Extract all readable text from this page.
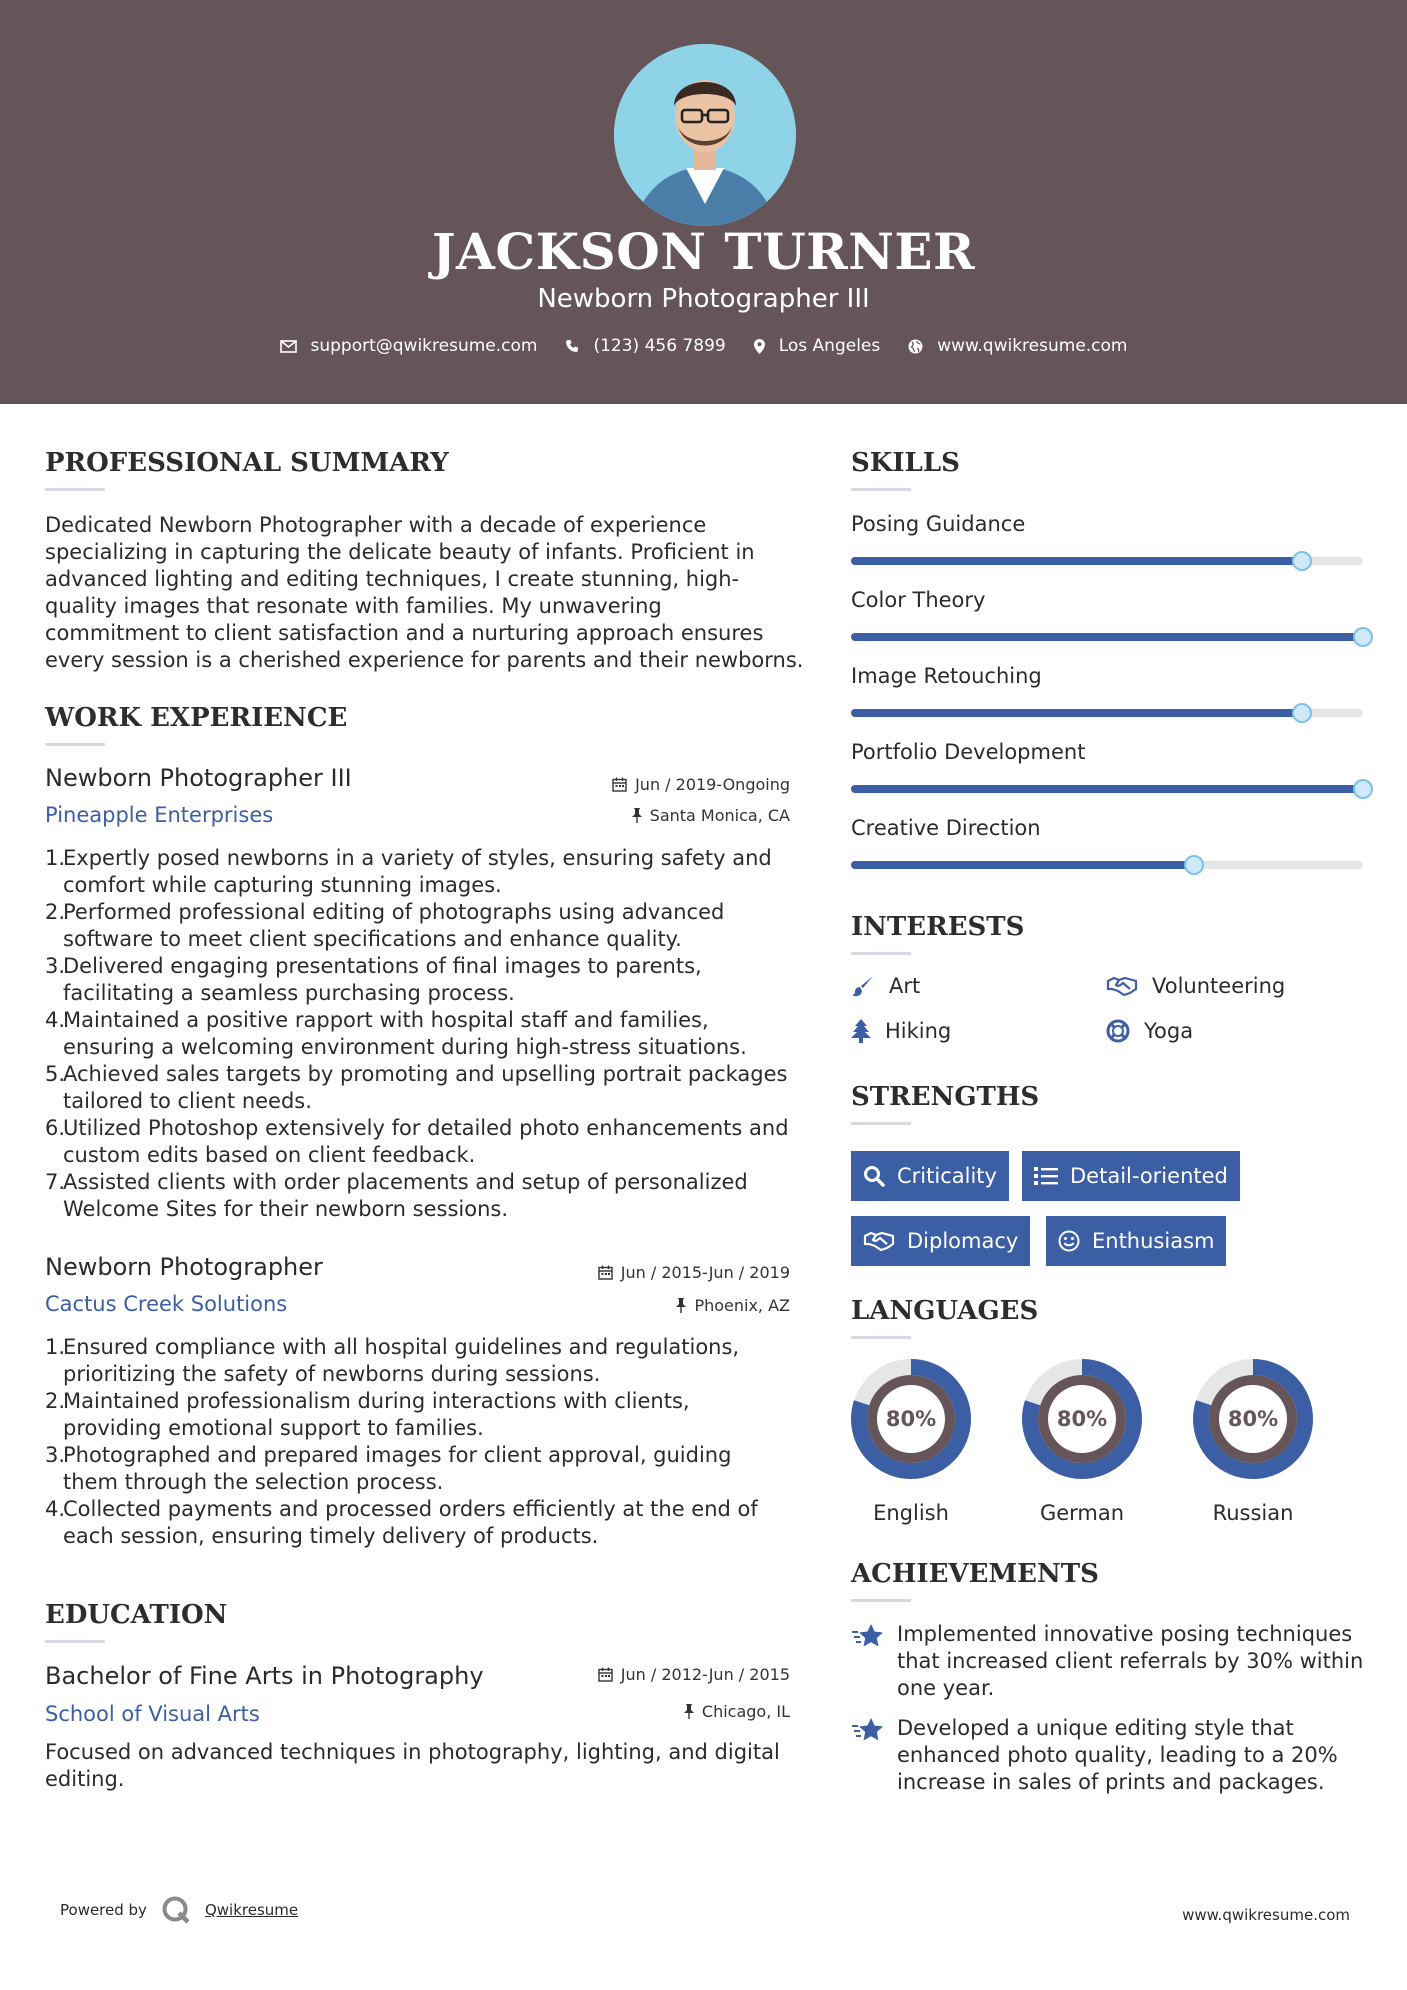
JACKSON TURNER
Newborn Photographer III
support@qwikresume.com	(123) 456 7899	Los Angeles	www.qwikresume.com
PROFESSIONAL SUMMARY
Dedicated Newborn Photographer with a decade of experience
specializing in capturing the delicate beauty of infants. Proficient in
advanced lighting and editing techniques, I create stunning, high-
quality images that resonate with families. My unwavering
commitment to client satisfaction and a nurturing approach ensures
every session is a cherished experience for parents and their newborns.
WORK EXPERIENCE
Newborn Photographer III
Pineapple Enterprises
Jun / 2019-Ongoing
Santa Monica, CA
1.
Expertly posed newborns in a variety of styles, ensuring safety and
comfort while capturing stunning images.
2.
Performed professional editing of photographs using advanced
software to meet client specifications and enhance quality.
3.
Delivered engaging presentations of final images to parents,
facilitating a seamless purchasing process.
4.
Maintained a positive rapport with hospital staff and families,
ensuring a welcoming environment during high-stress situations.
5.
Achieved sales targets by promoting and upselling portrait packages
tailored to client needs.
6.
Utilized Photoshop extensively for detailed photo enhancements and
custom edits based on client feedback.
7.
Assisted clients with order placements and setup of personalized
Welcome Sites for their newborn sessions.
Newborn Photographer
Cactus Creek Solutions
Jun / 2015-Jun / 2019
Phoenix, AZ
1.
Ensured compliance with all hospital guidelines and regulations,
prioritizing the safety of newborns during sessions.
2.
Maintained professionalism during interactions with clients,
providing emotional support to families.
3.
Photographed and prepared images for client approval, guiding
them through the selection process.
4.
Collected payments and processed orders efficiently at the end of
each session, ensuring timely delivery of products.
EDUCATION
Bachelor of Fine Arts in Photography
School of Visual Arts
Jun / 2012-Jun / 2015
Chicago, IL
Focused on advanced techniques in photography, lighting, and digital
editing.
SKILLS
Posing Guidance
Color Theory
Image Retouching
Portfolio Development
Creative Direction
INTERESTS
Art	Volunteering
Hiking	Yoga
STRENGTHS
Criticality	Detail-oriented
Diplomacy	Enthusiasm
LANGUAGES
80%
English
80%
German
80%
Russian
ACHIEVEMENTS
Implemented innovative posing techniques
that increased client referrals by 30% within
one year.
Developed a unique editing style that
enhanced photo quality, leading to a 20%
increase in sales of prints and packages.
Powered by	Qwikresume	www.qwikresume.com
